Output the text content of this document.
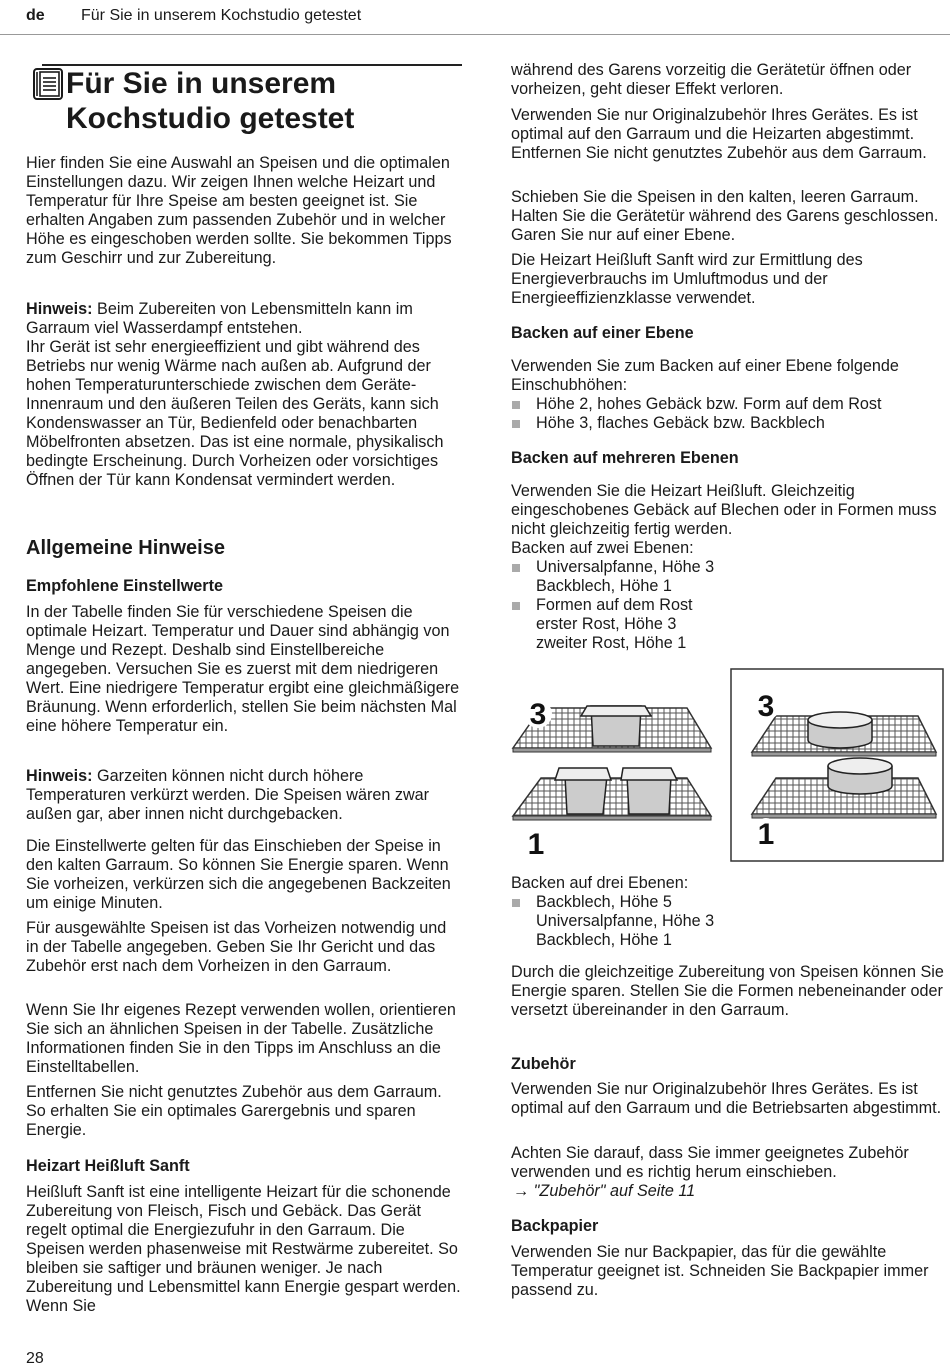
de Für Sie in unserem Kochstudio getestet
Für Sie in unserem
Kochstudio getestet

Hier finden Sie eine Auswahl an Speisen und die optimalen Einstellungen dazu. Wir zeigen Ihnen welche Heizart und Temperatur für Ihre Speise am besten geeignet ist. Sie erhalten Angaben zum passenden Zubehör und in welcher Höhe es eingeschoben werden sollte. Sie bekommen Tipps zum Geschirr und zur Zubereitung.

Hinweis: Beim Zubereiten von Lebensmitteln kann im Garraum viel Wasserdampf entstehen.
Ihr Gerät ist sehr energieeffizient und gibt während des Betriebs nur wenig Wärme nach außen ab. Aufgrund der hohen Temperaturunterschiede zwischen dem Geräte-Innenraum und den äußeren Teilen des Geräts, kann sich Kondenswasser an Tür, Bedienfeld oder benachbarten Möbelfronten absetzen. Das ist eine normale, physikalisch bedingte Erscheinung. Durch Vorheizen oder vorsichtiges Öffnen der Tür kann Kondensat vermindert werden.
Allgemeine Hinweise
Empfohlene Einstellwerte

In der Tabelle finden Sie für verschiedene Speisen die optimale Heizart. Temperatur und Dauer sind abhängig von Menge und Rezept. Deshalb sind Einstellbereiche angegeben. Versuchen Sie es zuerst mit dem niedrigeren Wert. Eine niedrigere Temperatur ergibt eine gleichmäßigere Bräunung. Wenn erforderlich, stellen Sie beim nächsten Mal eine höhere Temperatur ein.

Hinweis: Garzeiten können nicht durch höhere Temperaturen verkürzt werden. Die Speisen wären zwar außen gar, aber innen nicht durchgebacken.

Die Einstellwerte gelten für das Einschieben der Speise in den kalten Garraum. So können Sie Energie sparen. Wenn Sie vorheizen, verkürzen sich die angegebenen Backzeiten um einige Minuten.

Für ausgewählte Speisen ist das Vorheizen notwendig und in der Tabelle angegeben. Geben Sie Ihr Gericht und das Zubehör erst nach dem Vorheizen in den Garraum.

Wenn Sie Ihr eigenes Rezept verwenden wollen, orientieren Sie sich an ähnlichen Speisen in der Tabelle. Zusätzliche Informationen finden Sie in den Tipps im Anschluss an die Einstelltabellen.

Entfernen Sie nicht genutztes Zubehör aus dem Garraum. So erhalten Sie ein optimales Garergebnis und sparen Energie.

Heizart Heißluft Sanft

Heißluft Sanft ist eine intelligente Heizart für die schonende Zubereitung von Fleisch, Fisch und Gebäck. Das Gerät regelt optimal die Energiezufuhr in den Garraum. Die Speisen werden phasenweise mit Restwärme zubereitet. So bleiben sie saftiger und bräunen weniger. Je nach Zubereitung und Lebensmittel kann Energie gespart werden. Wenn Sie

während des Garens vorzeitig die Gerätetür öffnen oder vorheizen, geht dieser Effekt verloren.

Verwenden Sie nur Originalzubehör Ihres Gerätes. Es ist optimal auf den Garraum und die Heizarten abgestimmt. Entfernen Sie nicht genutztes Zubehör aus dem Garraum.

Schieben Sie die Speisen in den kalten, leeren Garraum. Halten Sie die Gerätetür während des Garens geschlossen. Garen Sie nur auf einer Ebene.

Die Heizart Heißluft Sanft wird zur Ermittlung des Energieverbrauchs im Umluftmodus und der Energieeffizienzklasse verwendet.

Backen auf einer Ebene

Verwenden Sie zum Backen auf einer Ebene folgende Einschubhöhen:

Höhe 2, hohes Gebäck bzw. Form auf dem Rost
Höhe 3, flaches Gebäck bzw. Backblech
Backen auf mehreren Ebenen

Verwenden Sie die Heizart Heißluft. Gleichzeitig eingeschobenes Gebäck auf Blechen oder in Formen muss nicht gleichzeitig fertig werden.

Backen auf zwei Ebenen:

Universalpfanne, Höhe 3
Backblech, Höhe 1
Formen auf dem Rost
erster Rost, Höhe 3
zweiter Rost, Höhe 1

Backen auf drei Ebenen:

Backblech, Höhe 5
Universalpfanne, Höhe 3
Backblech, Höhe 1

Durch die gleichzeitige Zubereitung von Speisen können Sie Energie sparen. Stellen Sie die Formen nebeneinander oder versetzt übereinander in den Garraum.

Zubehör

Verwenden Sie nur Originalzubehör Ihres Gerätes. Es ist optimal auf den Garraum und die Betriebsarten abgestimmt.

Achten Sie darauf, dass Sie immer geeignetes Zubehör verwenden und es richtig herum einschieben.
→ "Zubehör" auf Seite 11
Backpapier

Verwenden Sie nur Backpapier, das für die gewählte Temperatur geeignet ist. Schneiden Sie Backpapier immer passend zu.

3
1
3
1
28
